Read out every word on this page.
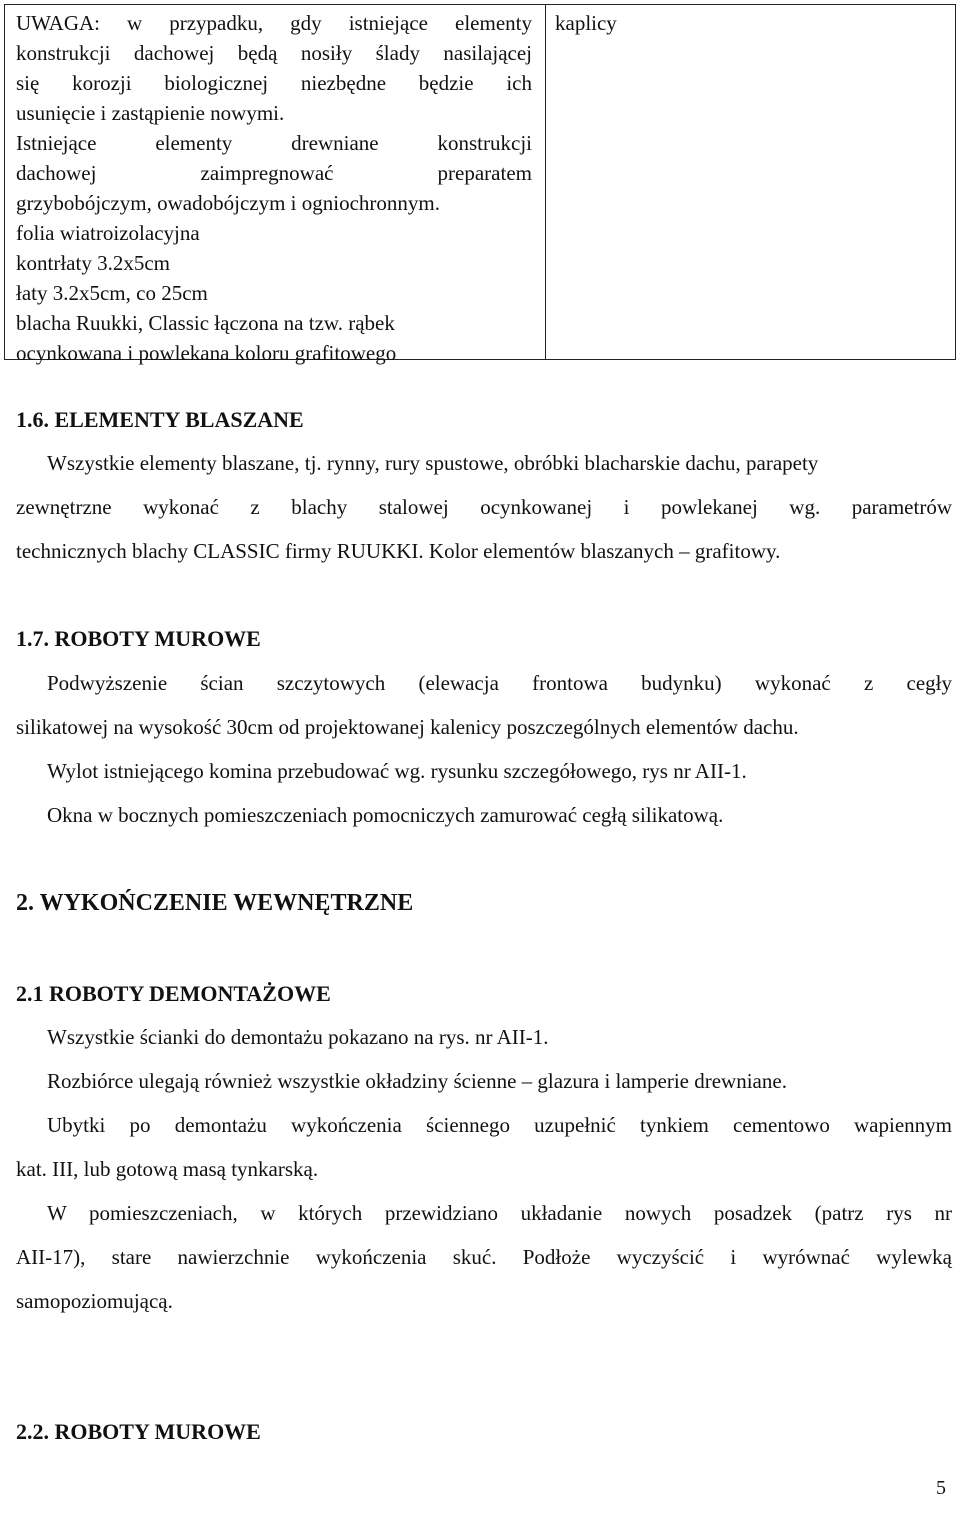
UWAGA: w przypadku, gdy istniejące elementy
konstrukcji dachowej będą nosiły ślady nasilającej
się korozji biologicznej niezbędne będzie ich
usunięcie i zastąpienie nowymi.
Istniejące elementy drewniane konstrukcji
dachowej zaimpregnować preparatem
grzybobójczym, owadobójczym i ogniochronnym.
folia wiatroizolacyjna
kontrłaty 3.2x5cm
łaty 3.2x5cm, co 25cm
blacha Ruukki, Classic łączona na tzw. rąbek
ocynkowana i powlekana koloru grafitowego
kaplicy
1.6. ELEMENTY BLASZANE
Wszystkie elementy blaszane, tj. rynny, rury spustowe, obróbki blacharskie dachu, parapety
zewnętrzne wykonać z blachy stalowej ocynkowanej i powlekanej wg. parametrów
technicznych blachy CLASSIC firmy RUUKKI. Kolor elementów blaszanych – grafitowy.
1.7. ROBOTY MUROWE
Podwyższenie ścian szczytowych (elewacja frontowa budynku) wykonać z cegły
silikatowej na wysokość 30cm od projektowanej kalenicy poszczególnych elementów dachu.
Wylot istniejącego komina przebudować wg. rysunku szczegółowego, rys nr AII-1.
Okna w bocznych pomieszczeniach pomocniczych zamurować cegłą silikatową.
2. WYKOŃCZENIE WEWNĘTRZNE
2.1 ROBOTY DEMONTAŻOWE
Wszystkie ścianki do demontażu pokazano na rys. nr AII-1.
Rozbiórce ulegają również wszystkie okładziny ścienne – glazura i lamperie drewniane.
Ubytki po demontażu wykończenia ściennego uzupełnić tynkiem cementowo wapiennym
kat. III, lub gotową masą tynkarską.
W pomieszczeniach, w których przewidziano układanie nowych posadzek (patrz rys nr
AII-17), stare nawierzchnie wykończenia skuć. Podłoże wyczyścić i wyrównać wylewką
samopoziomującą.
2.2. ROBOTY MUROWE
5
